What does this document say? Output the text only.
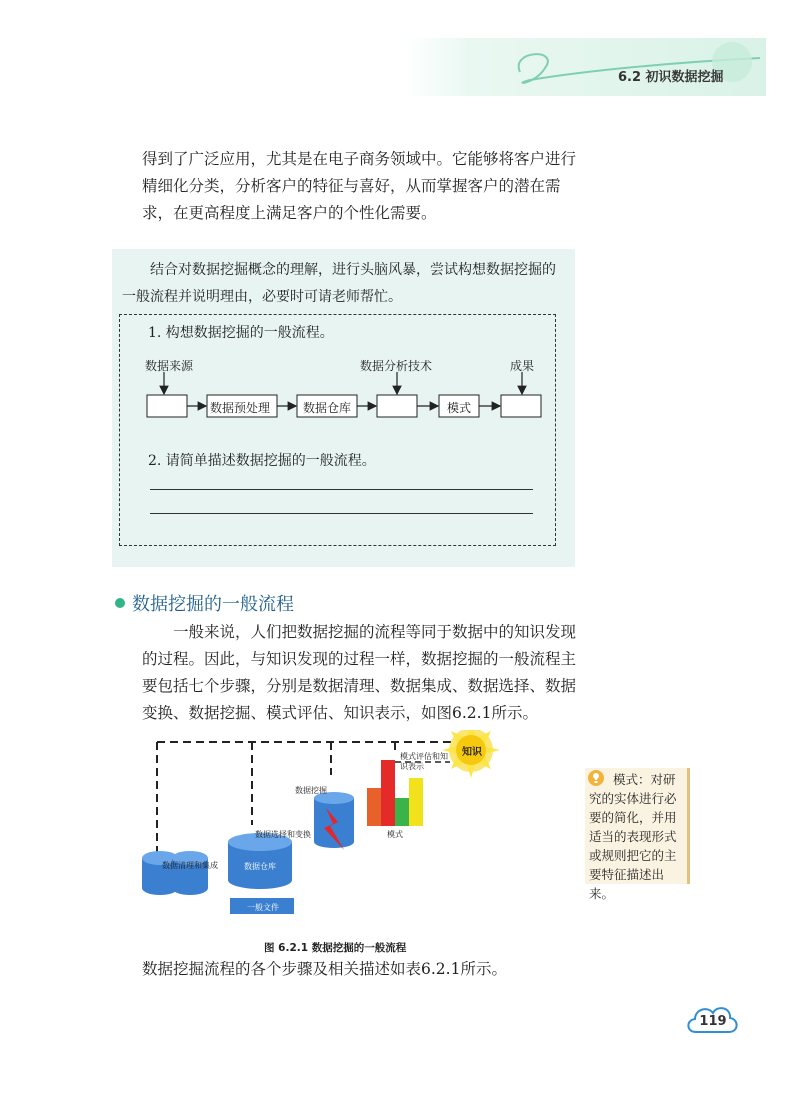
6.2 初识数据挖掘
得到了广泛应用，尤其是在电子商务领域中。它能够将客户进行精细化分类，分析客户的特征与喜好，从而掌握客户的潜在需求，在更高程度上满足客户的个性化需要。
结合对数据挖掘概念的理解，进行头脑风暴，尝试构想数据挖掘的一般流程并说明理由，必要时可请老师帮忙。
1. 构想数据挖掘的一般流程。
数据来源	数据分析技术	成果
数据预处理	数据仓库	模式
2. 请简单描述数据挖掘的一般流程。
数据挖掘的一般流程
一般来说，人们把数据挖掘的流程等同于数据中的知识发现的过程。因此，与知识发现的过程一样，数据挖掘的一般流程主要包括七个步骤，分别是数据清理、数据集成、数据选择、数据变换、数据挖掘、模式评估、知识表示，如图6.2.1所示。
知识
模式评估和知识表示
数据挖掘
数据选择和变换
数据清理和集成	数据仓库
数据库
一般文件
模式
模式：对研究的实体进行必要的简化，并用适当的表现形式或规则把它的主要特征描述出来。
图 6.2.1 数据挖掘的一般流程
数据挖掘流程的各个步骤及相关描述如表6.2.1所示。
119
